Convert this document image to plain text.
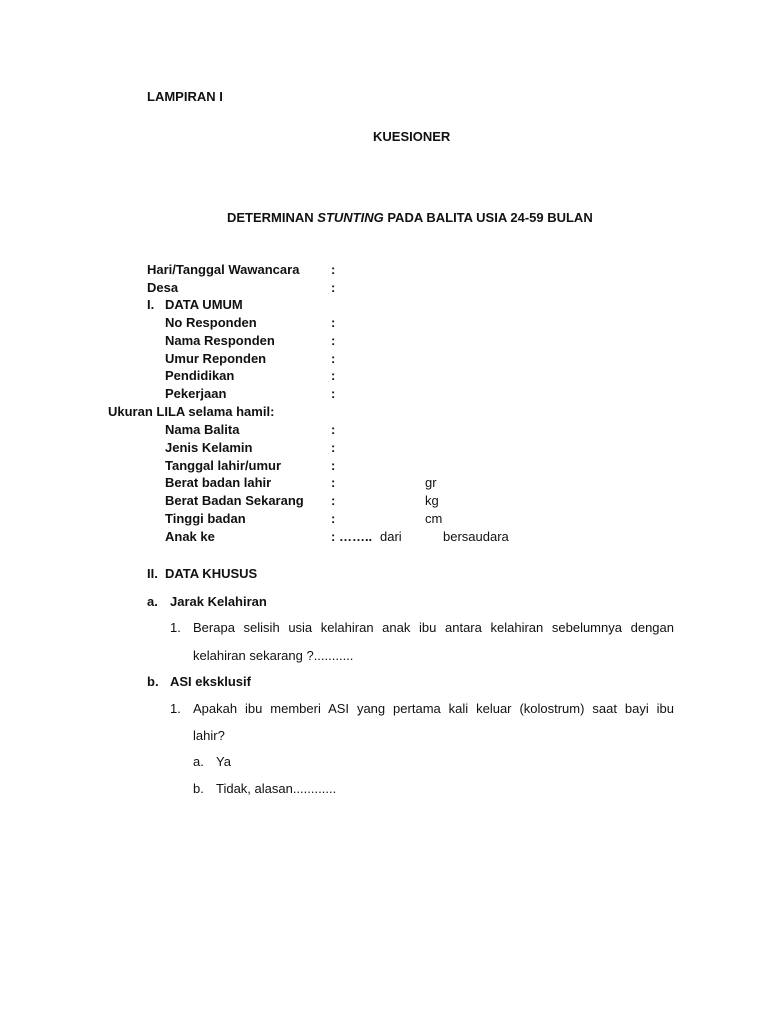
LAMPIRAN I
KUESIONER
DETERMINAN STUNTING PADA BALITA USIA 24-59 BULAN
Hari/Tanggal Wawancara :
Desa	:
I. DATA UMUM
No Responden	:
Nama Responden	:
Umur Reponden	:
Pendidikan	:
Pekerjaan	:
Ukuran LILA selama hamil:
Nama Balita	:
Jenis Kelamin	:
Tanggal lahir/umur	:
Berat badan lahir	:	gr
Berat Badan Sekarang :	kg
Tinggi badan	:	cm
Anak ke	: …….. dari	bersaudara
II. DATA KHUSUS
a. Jarak Kelahiran
1. Berapa selisih usia kelahiran anak ibu antara kelahiran sebelumnya dengan
kelahiran sekarang ?...........
b. ASI eksklusif
1. Apakah ibu memberi ASI yang pertama kali keluar (kolostrum) saat bayi ibu
lahir?
a. Ya
b. Tidak, alasan............
